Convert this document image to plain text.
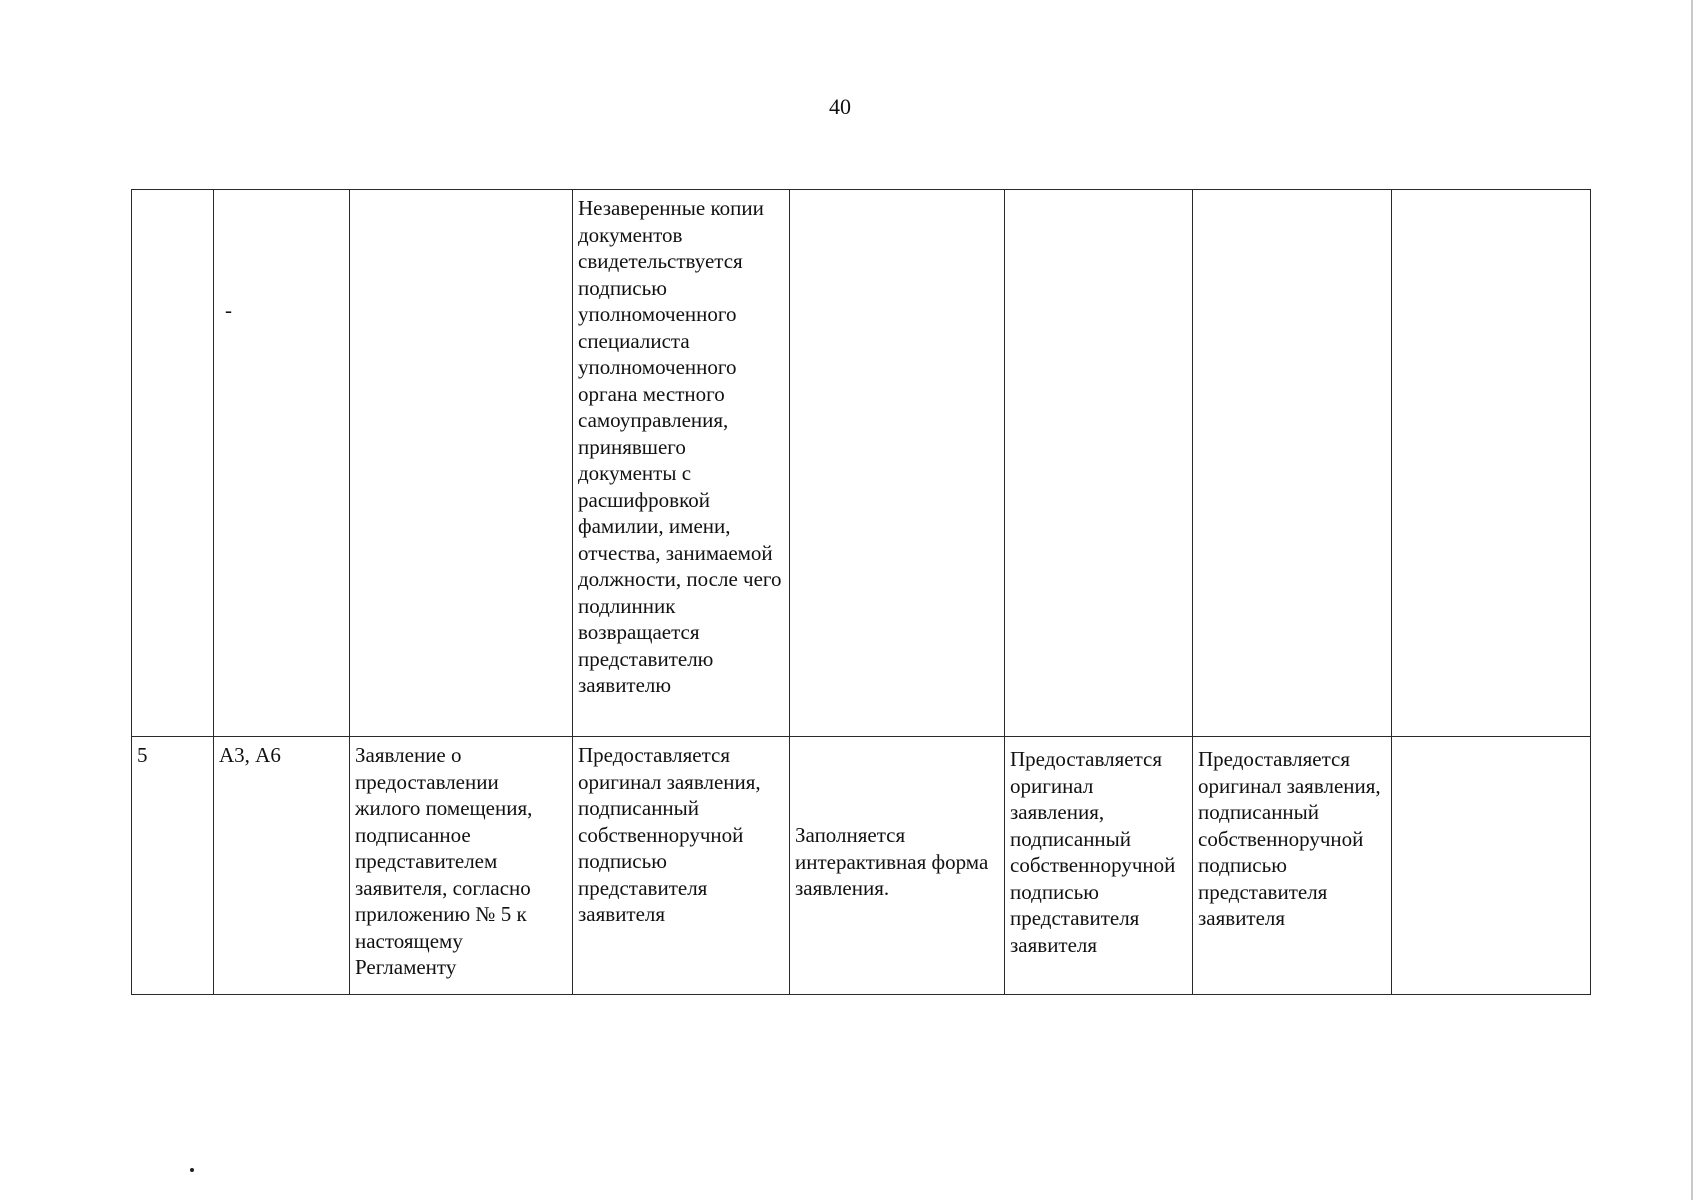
40

	-		Незаверенные копии документов свидетельствуется подписью уполномоченного специалиста уполномоченного органа местного самоуправления, принявшего документы с расшифровкой фамилии, имени, отчества, занимаемой должности, после чего подлинник возвращается представителю заявителю				
5	А3, А6	Заявление о предоставлении жилого помещения, подписанное представителем заявителя, согласно приложению № 5 к настоящему Регламенту	Предоставляется оригинал заявления, подписанный собственноручной подписью представителя заявителя	Заполняется интерактивная форма заявления.	Предоставляется оригинал заявления, подписанный собственноручной подписью представителя заявителя	Предоставляется оригинал заявления, подписанный собственноручной подписью представителя заявителя	
